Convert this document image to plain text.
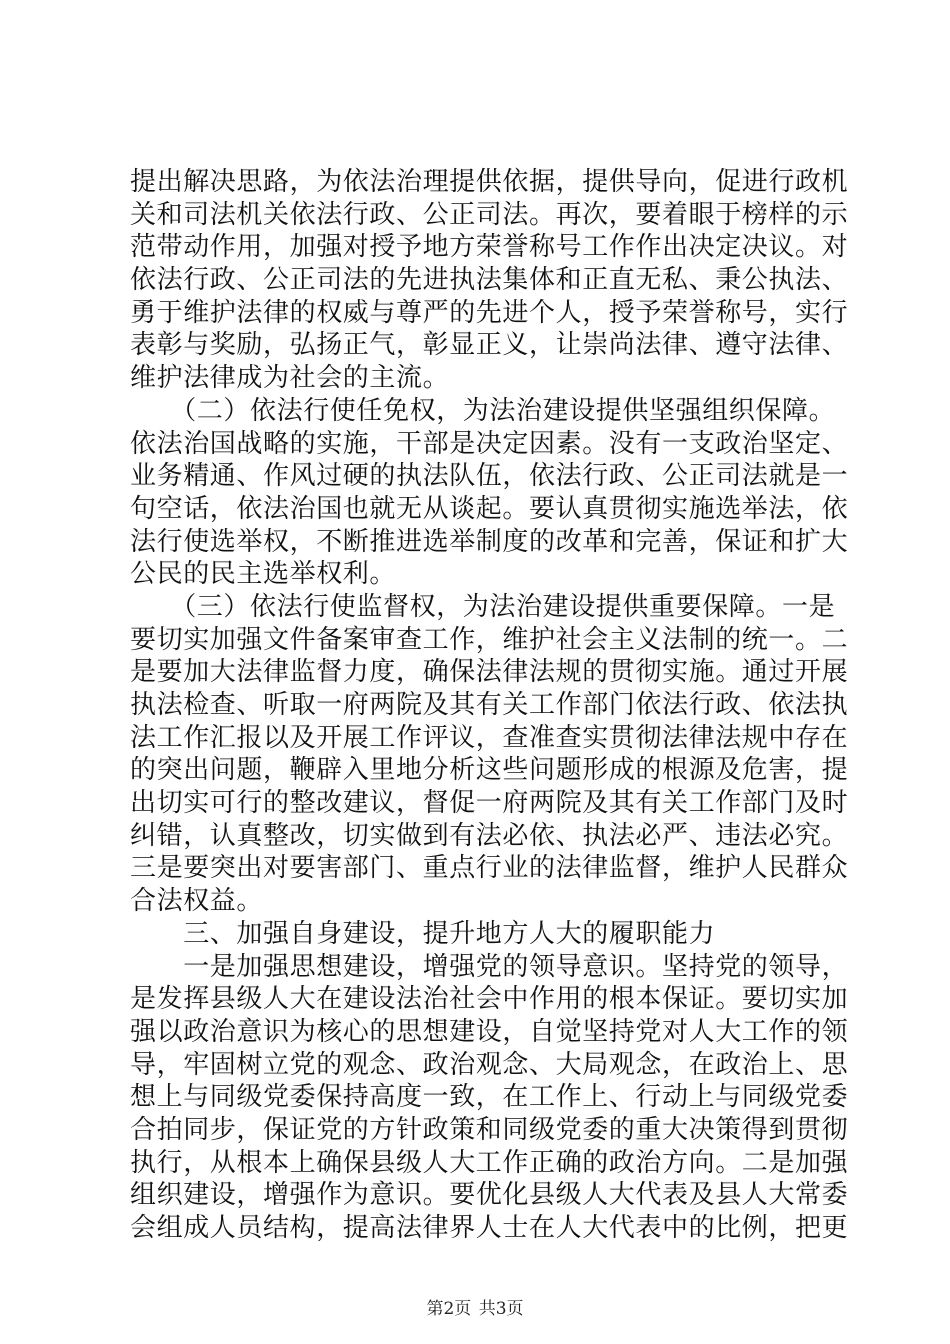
提出解决思路，为依法治理提供依据，提供导向，促进行政机
关和司法机关依法行政、公正司法。再次，要着眼于榜样的示
范带动作用，加强对授予地方荣誉称号工作作出决定决议。对
依法行政、公正司法的先进执法集体和正直无私、秉公执法、
勇于维护法律的权威与尊严的先进个人，授予荣誉称号，实行
表彰与奖励，弘扬正气，彰显正义，让崇尚法律、遵守法律、
维护法律成为社会的主流。
　　（二）依法行使任免权，为法治建设提供坚强组织保障。
依法治国战略的实施，干部是决定因素。没有一支政治坚定、
业务精通、作风过硬的执法队伍，依法行政、公正司法就是一
句空话，依法治国也就无从谈起。要认真贯彻实施选举法，依
法行使选举权，不断推进选举制度的改革和完善，保证和扩大
公民的民主选举权利。
　　（三）依法行使监督权，为法治建设提供重要保障。一是
要切实加强文件备案审查工作，维护社会主义法制的统一。二
是要加大法律监督力度，确保法律法规的贯彻实施。通过开展
执法检查、听取一府两院及其有关工作部门依法行政、依法执
法工作汇报以及开展工作评议，查准查实贯彻法律法规中存在
的突出问题，鞭辟入里地分析这些问题形成的根源及危害，提
出切实可行的整改建议，督促一府两院及其有关工作部门及时
纠错，认真整改，切实做到有法必依、执法必严、违法必究。
三是要突出对要害部门、重点行业的法律监督，维护人民群众
合法权益。
　　三、加强自身建设，提升地方人大的履职能力
　　一是加强思想建设，增强党的领导意识。坚持党的领导，
是发挥县级人大在建设法治社会中作用的根本保证。要切实加
强以政治意识为核心的思想建设，自觉坚持党对人大工作的领
导，牢固树立党的观念、政治观念、大局观念，在政治上、思
想上与同级党委保持高度一致，在工作上、行动上与同级党委
合拍同步，保证党的方针政策和同级党委的重大决策得到贯彻
执行，从根本上确保县级人大工作正确的政治方向。二是加强
组织建设，增强作为意识。要优化县级人大代表及县人大常委
会组成人员结构，提高法律界人士在人大代表中的比例，把更
第2页 共3页
